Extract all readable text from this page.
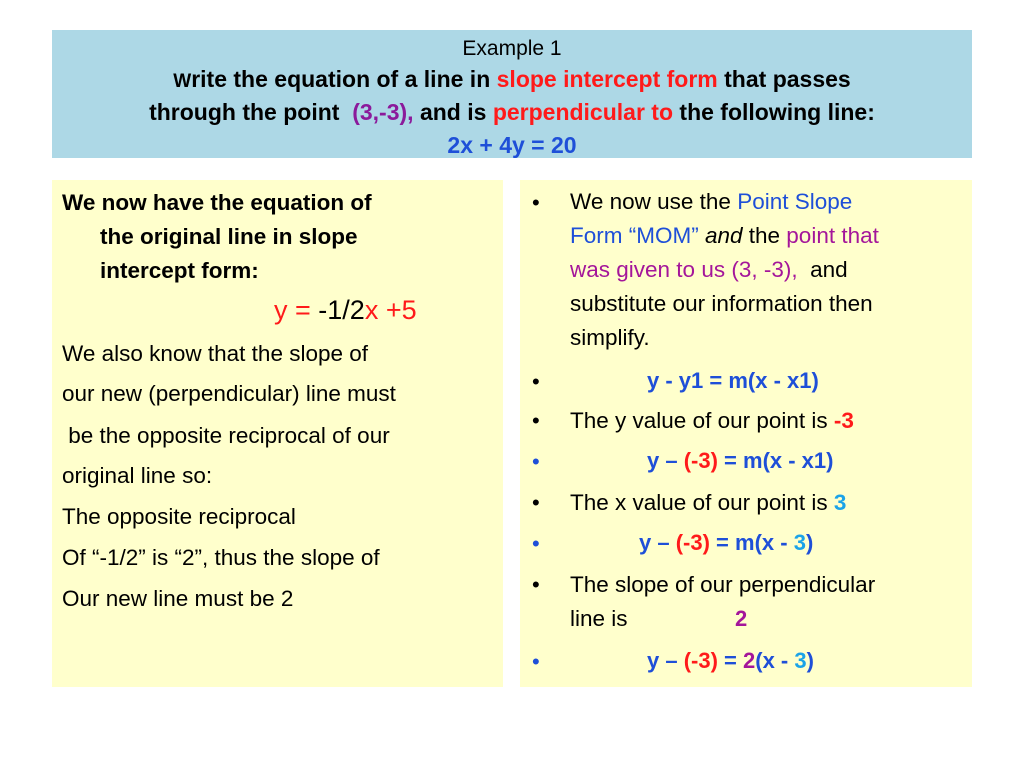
Example 1
Write the equation of a line in slope intercept form that passes
through the point  (3,-3), and is perpendicular to the following line:
2x + 4y = 20
We now have the equation of
the original line in slope
intercept form:
y = -1/2x +5
We also know that the slope of
our new (perpendicular) line must
be the opposite reciprocal of our
original line so:
The opposite reciprocal
Of “-1/2” is “2”, thus the slope of
Our new line must be 2
• We now use the Point Slope
Form “MOM” and the point that
was given to us (3, -3),  and
substitute our information then
simplify.
•	y - y1 = m(x - x1)
• The y value of our point is -3
•	y – (-3) = m(x - x1)
• The x value of our point is 3
•	y – (-3) = m(x - 3)
• The slope of our perpendicular
line is	2
•	y – (-3) = 2(x - 3)
